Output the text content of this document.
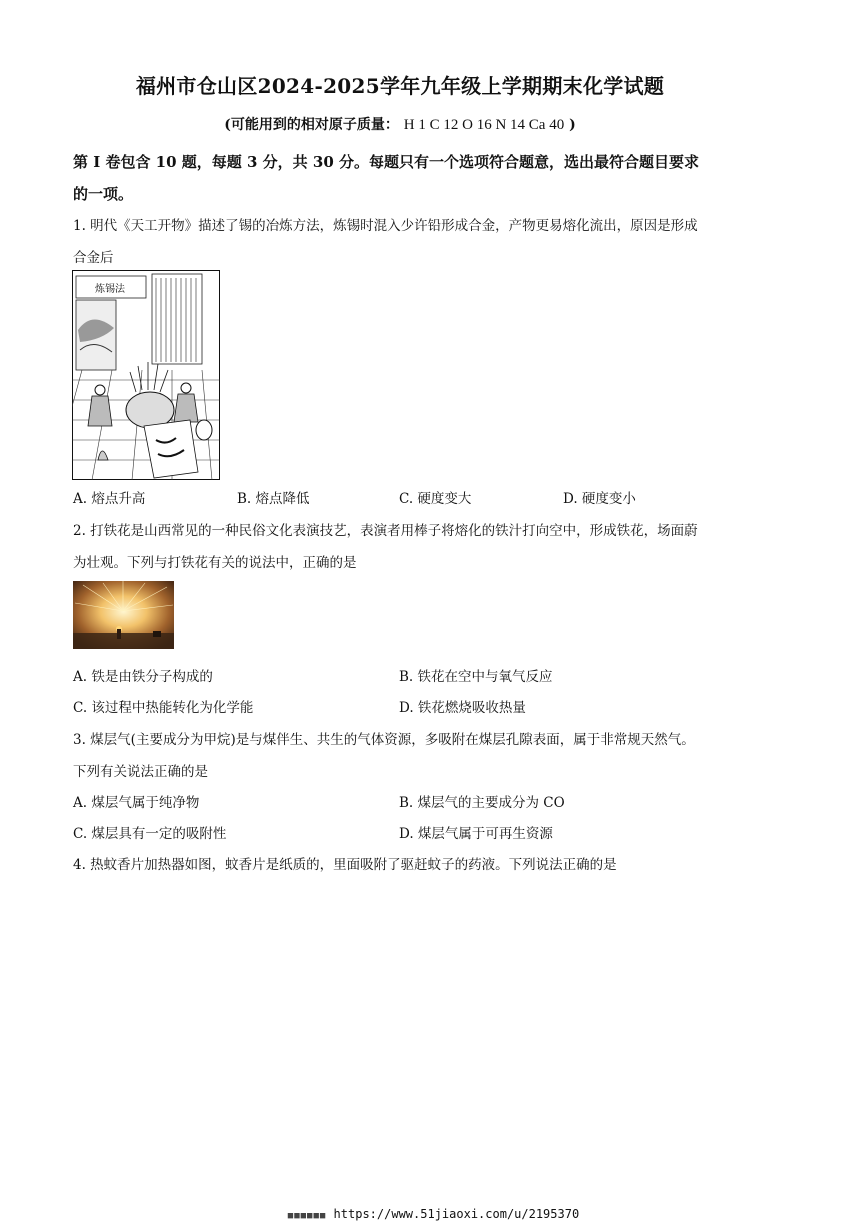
福州市仓山区2024-2025学年九年级上学期期末化学试题
(可能用到的相对原子质量： H 1 C 12 O 16 N 14 Ca 40 )
第 I 卷包含 10 题，每题 3 分，共 30 分。每题只有一个选项符合题意，选出最符合题目要求
的一项。
1. 明代《天工开物》描述了锡的冶炼方法，炼锡时混入少许铅形成合金，产物更易熔化流出，原因是形成
合金后
炼锡法
A. 熔点升高	B. 熔点降低	C. 硬度变大	D. 硬度变小
2. 打铁花是山西常见的一种民俗文化表演技艺，表演者用棒子将熔化的铁汁打向空中，形成铁花，场面蔚
为壮观。下列与打铁花有关的说法中，正确的是
A. 铁是由铁分子构成的	B. 铁花在空中与氧气反应
C. 该过程中热能转化为化学能	D. 铁花燃烧吸收热量
3. 煤层气(主要成分为甲烷)是与煤伴生、共生的气体资源，多吸附在煤层孔隙表面，属于非常规天然气。
下列有关说法正确的是
A. 煤层气属于纯净物	B. 煤层气的主要成分为 CO
C. 煤层具有一定的吸附性	D. 煤层气属于可再生资源
4. 热蚊香片加热器如图，蚊香片是纸质的，里面吸附了驱赶蚊子的药液。下列说法正确的是
■■■■■■ https://www.51jiaoxi.com/u/2195370
